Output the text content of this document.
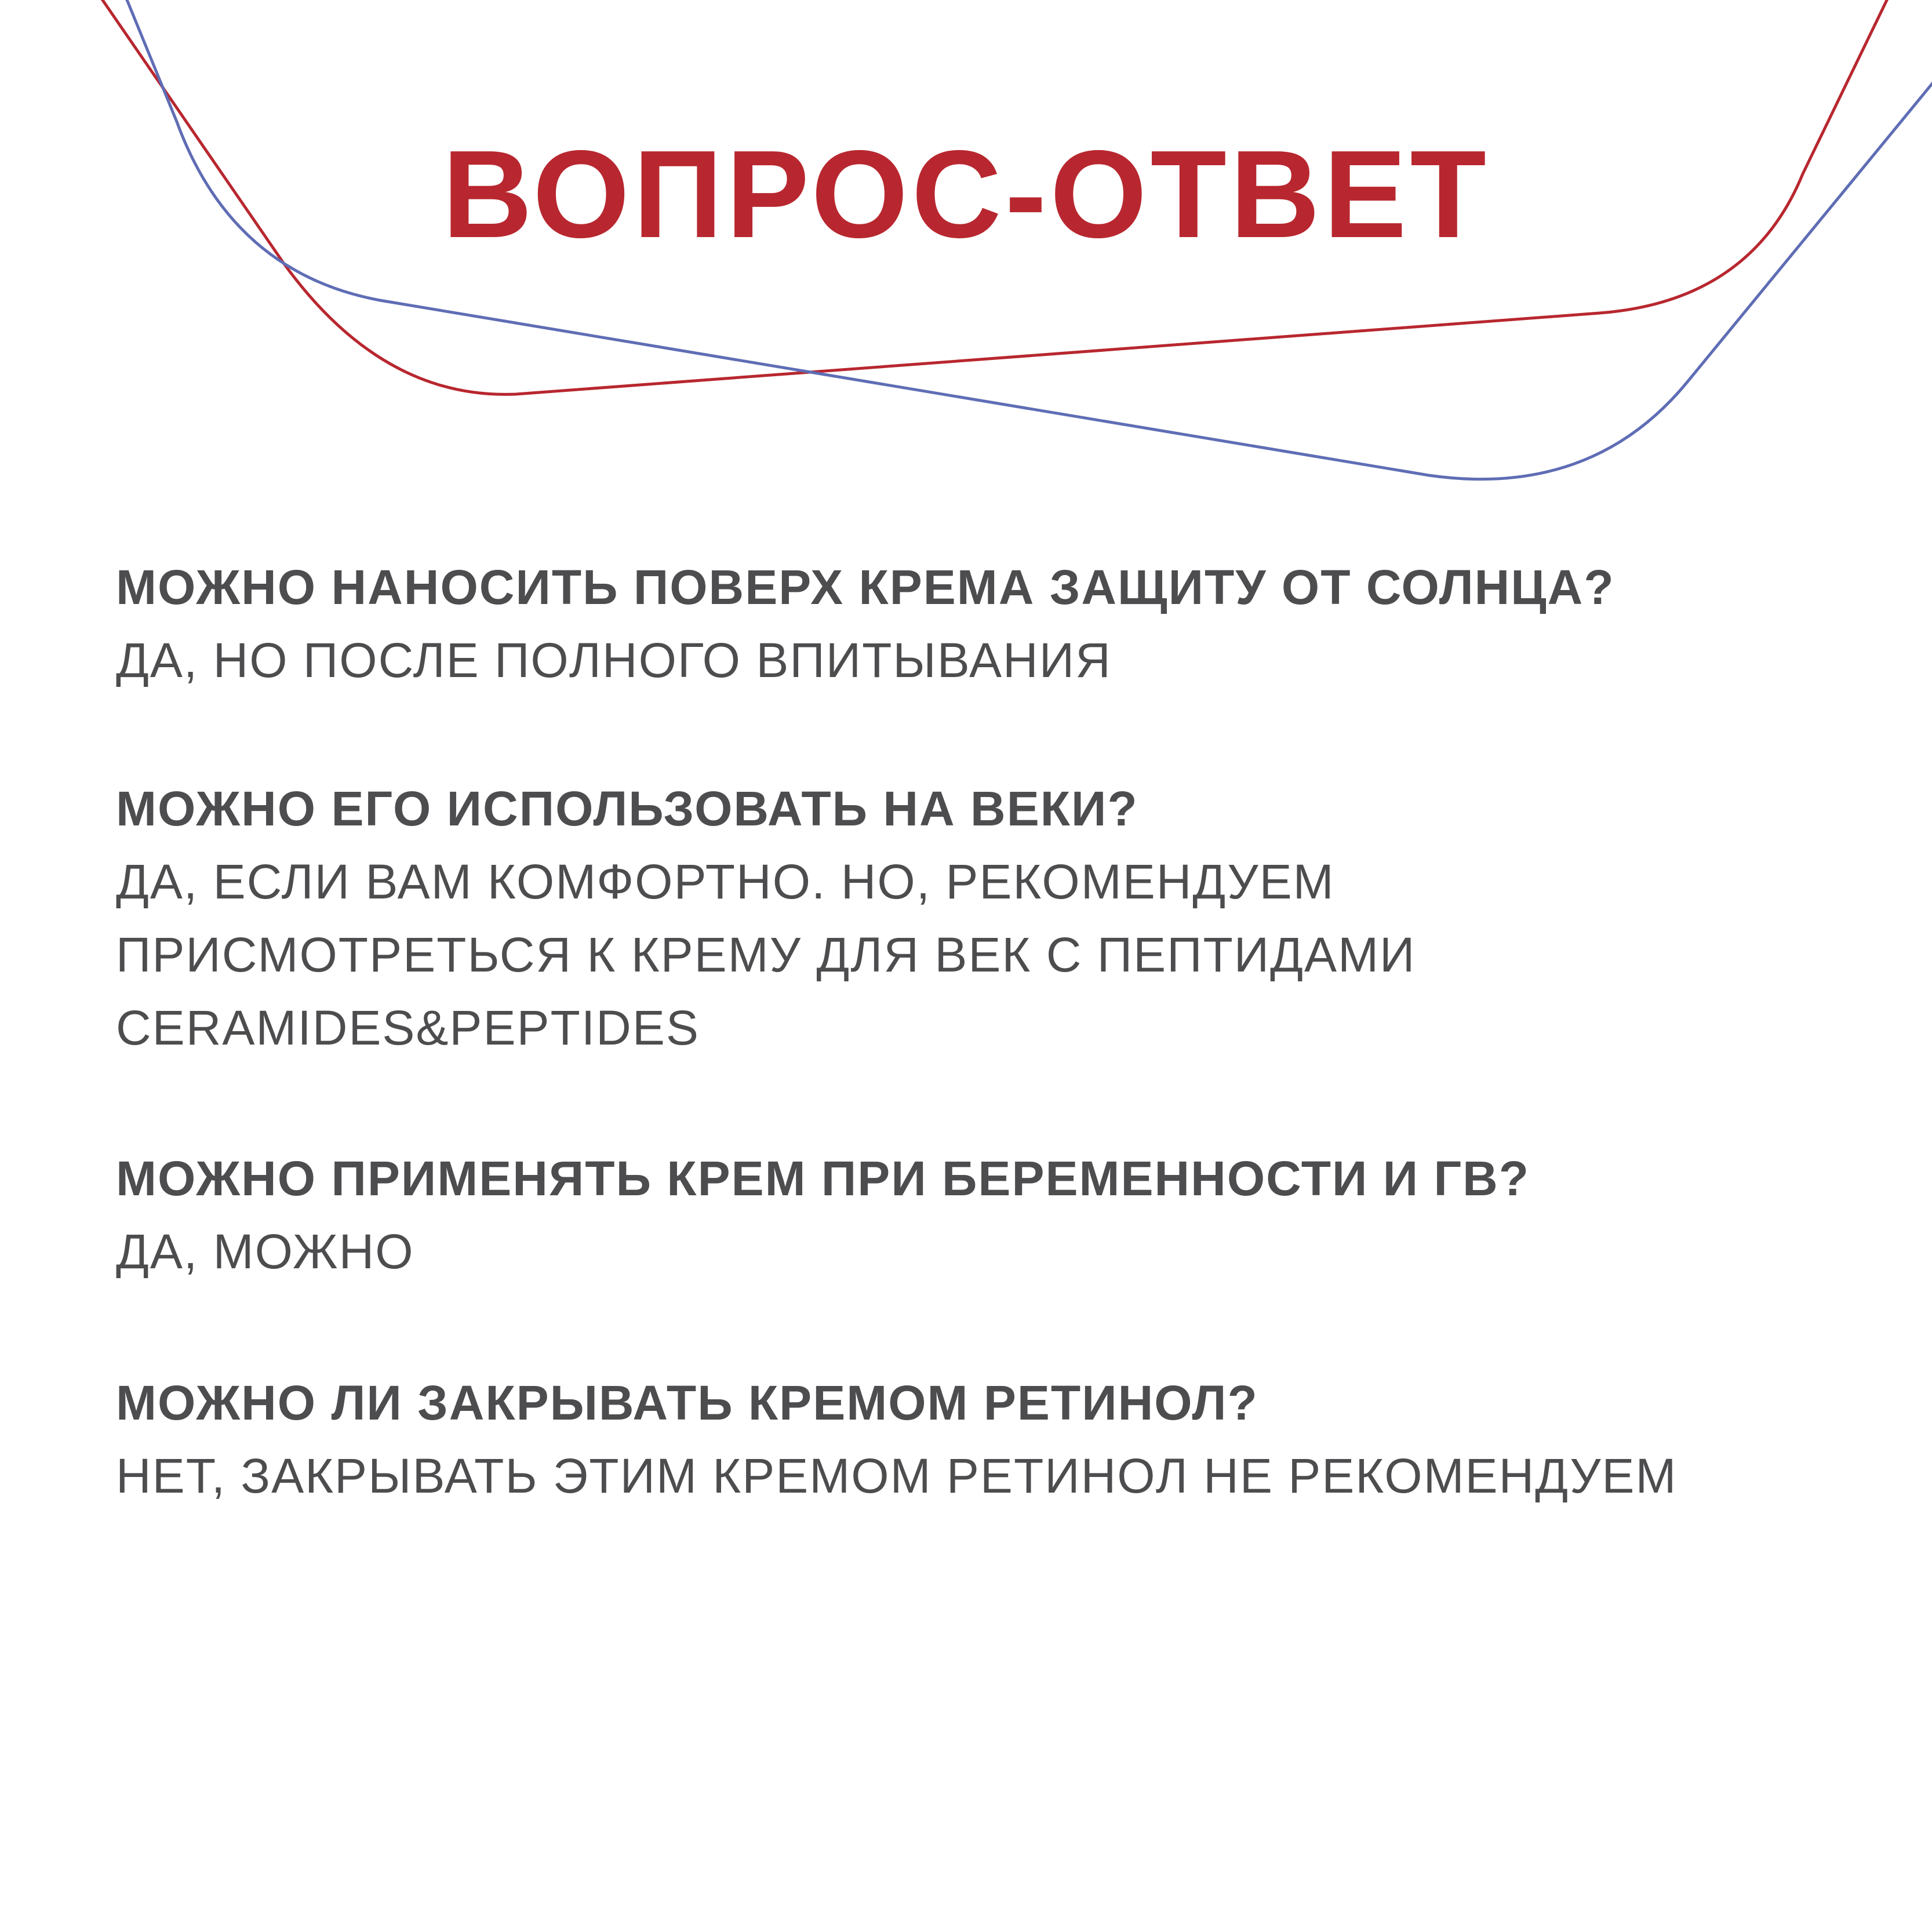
ВОПРОС-ОТВЕТ
МОЖНО НАНОСИТЬ ПОВЕРХ КРЕМА ЗАЩИТУ ОТ СОЛНЦА?
ДА, НО ПОСЛЕ ПОЛНОГО ВПИТЫВАНИЯ
МОЖНО ЕГО ИСПОЛЬЗОВАТЬ НА ВЕКИ?
ДА, ЕСЛИ ВАМ КОМФОРТНО. НО, РЕКОМЕНДУЕМ
ПРИСМОТРЕТЬСЯ К КРЕМУ ДЛЯ ВЕК С ПЕПТИДАМИ
CERAMIDES&PEPTIDES
МОЖНО ПРИМЕНЯТЬ КРЕМ ПРИ БЕРЕМЕННОСТИ И ГВ?
ДА, МОЖНО
МОЖНО ЛИ ЗАКРЫВАТЬ КРЕМОМ РЕТИНОЛ?
НЕТ, ЗАКРЫВАТЬ ЭТИМ КРЕМОМ РЕТИНОЛ НЕ РЕКОМЕНДУЕМ
